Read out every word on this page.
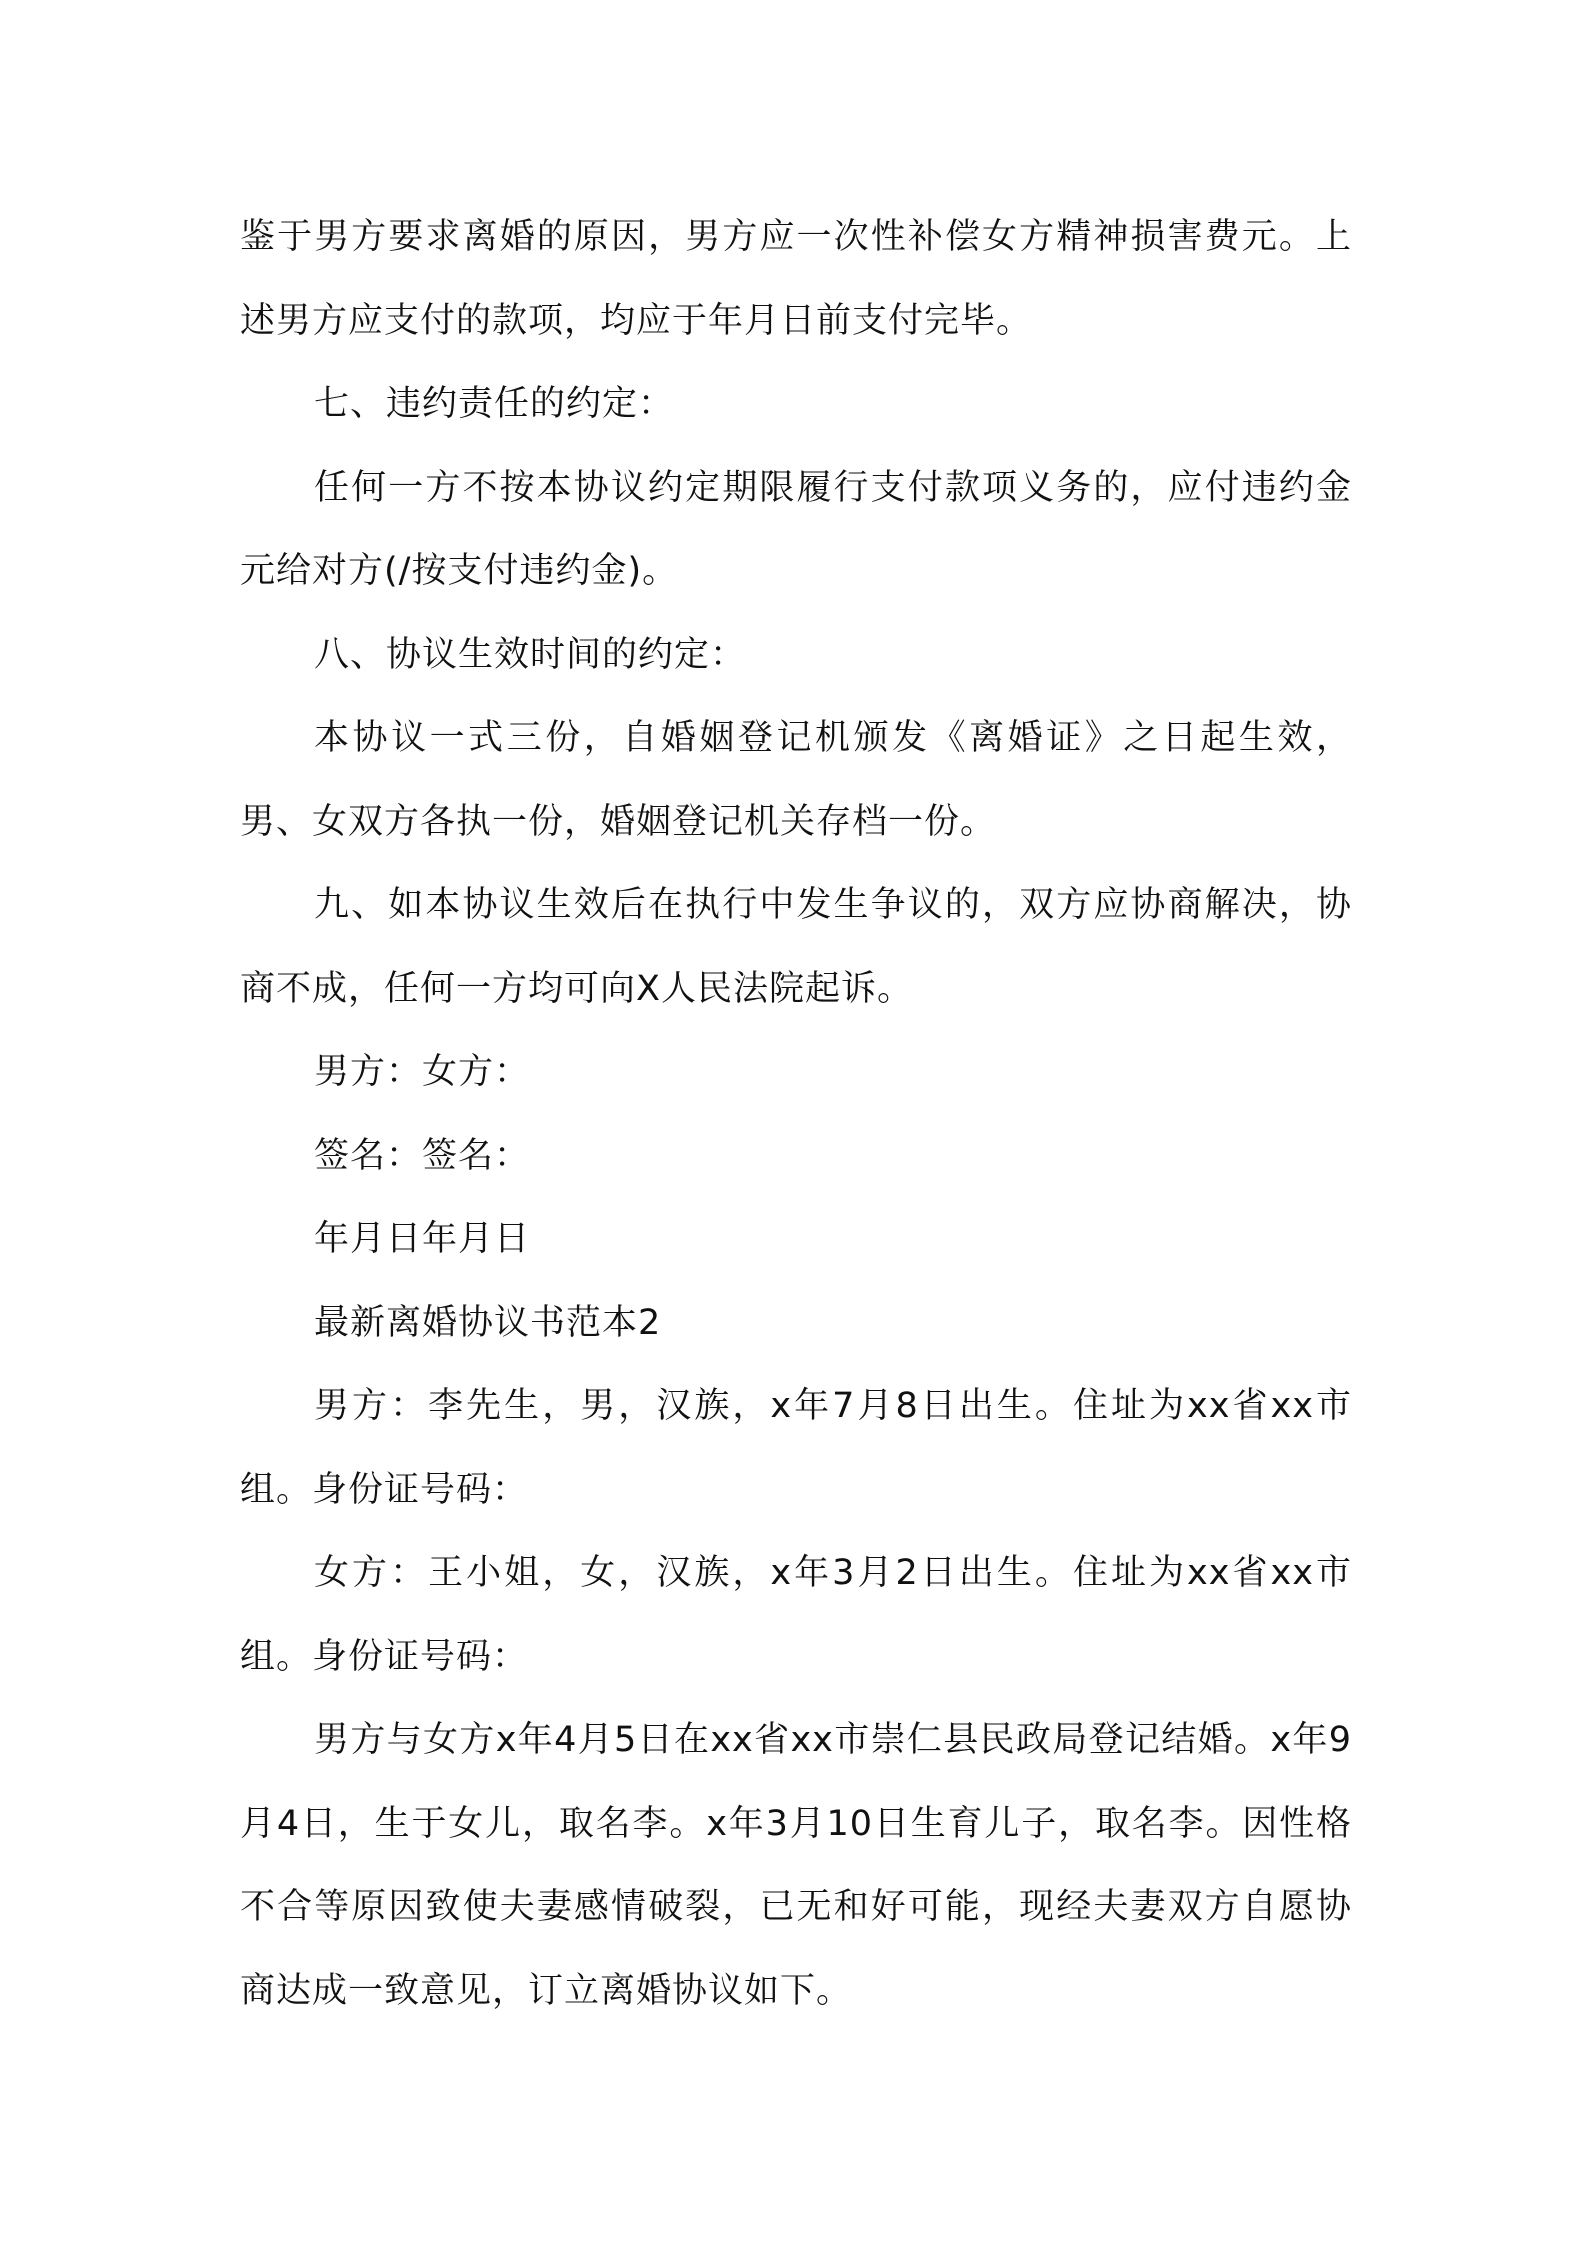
鉴于男方要求离婚的原因，男方应一次性补偿女方精神损害费元。上述男方应支付的款项，均应于年月日前支付完毕。

七、违约责任的约定：

任何一方不按本协议约定期限履行支付款项义务的，应付违约金元给对方(/按支付违约金)。

八、协议生效时间的约定：

本协议一式三份，自婚姻登记机颁发《离婚证》之日起生效，男、女双方各执一份，婚姻登记机关存档一份。

九、如本协议生效后在执行中发生争议的，双方应协商解决，协商不成，任何一方均可向X人民法院起诉。

男方：女方：

签名：签名：

年月日年月日

最新离婚协议书范本2

男方：李先生，男，汉族，x年7月8日出生。住址为xx省xx市组。身份证号码：

女方：王小姐，女，汉族，x年3月2日出生。住址为xx省xx市组。身份证号码：

男方与女方x年4月5日在xx省xx市崇仁县民政局登记结婚。x年9月4日，生于女儿，取名李。x年3月10日生育儿子，取名李。因性格不合等原因致使夫妻感情破裂，已无和好可能，现经夫妻双方自愿协商达成一致意见，订立离婚协议如下。
